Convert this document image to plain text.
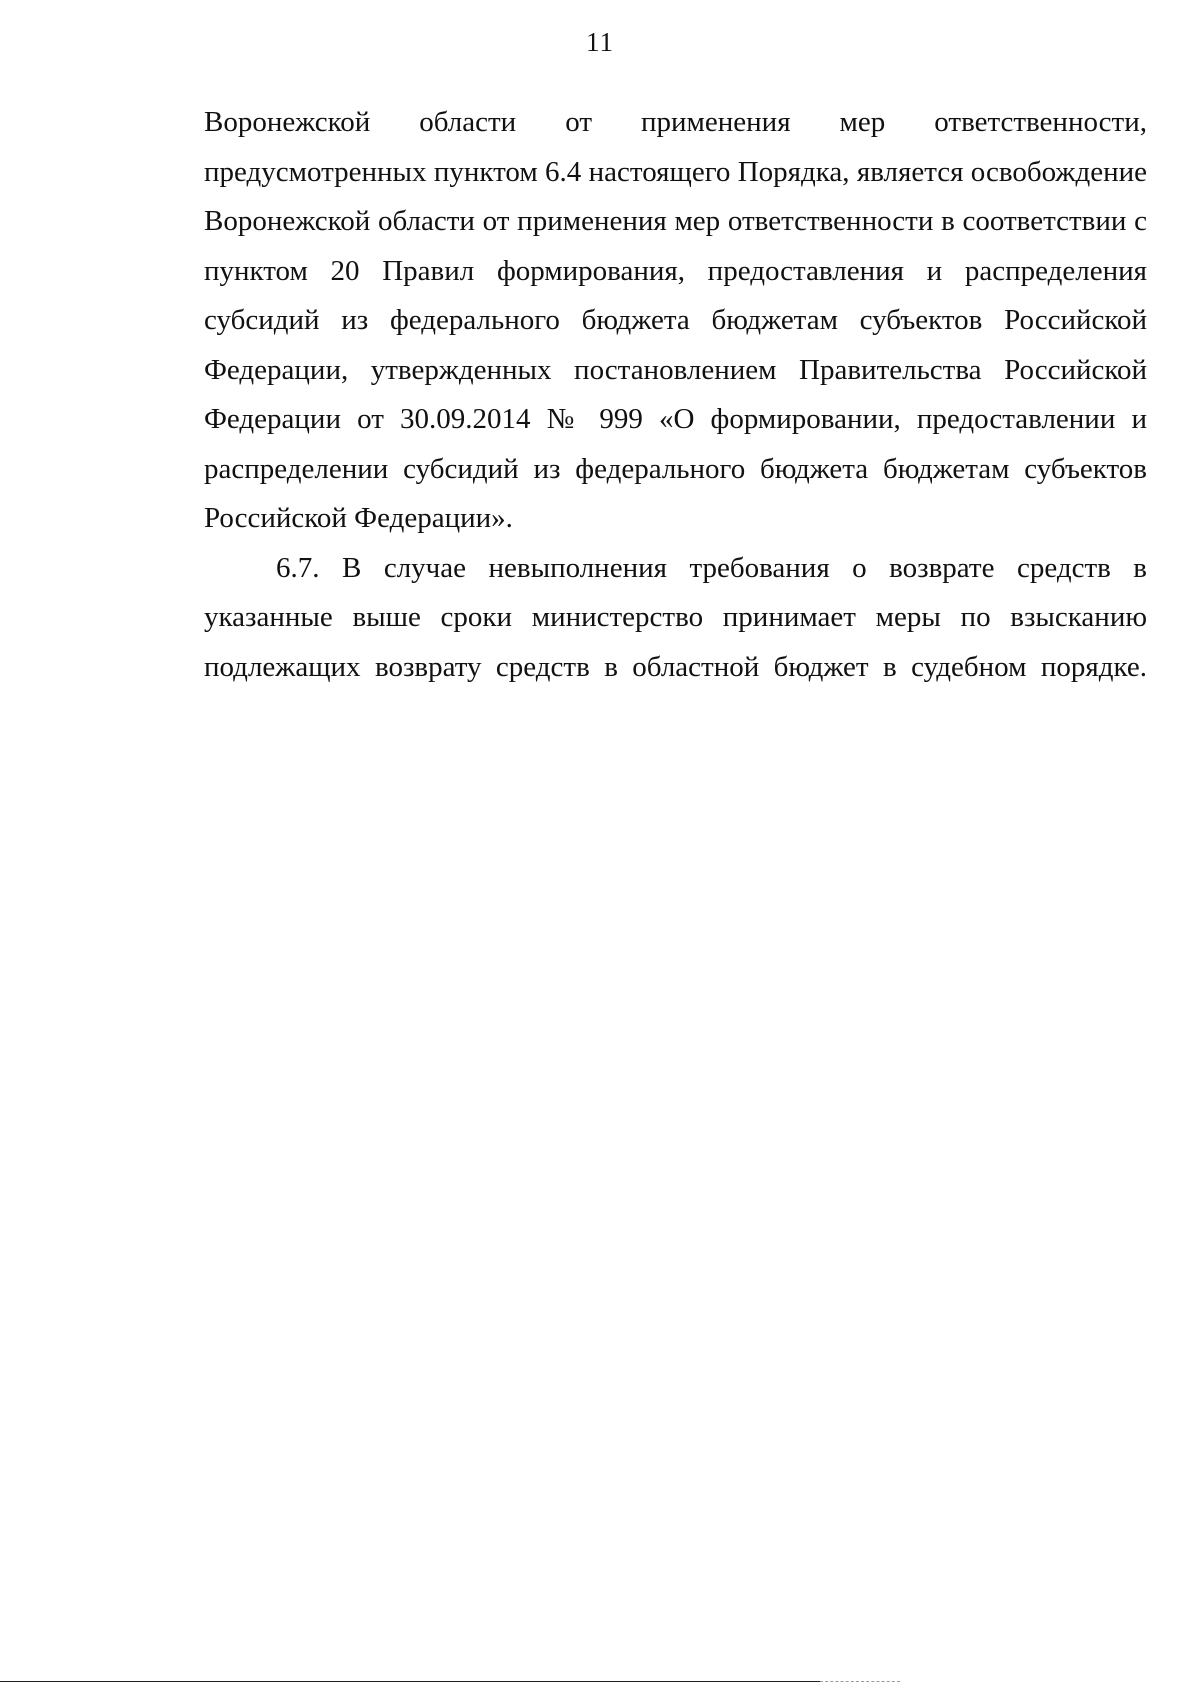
11

Воронежской области от применения мер ответственности, предусмотренных пунктом 6.4 настоящего Порядка, является освобождение Воронежской области от применения мер ответственности в соответствии с пунктом 20 Правил формирования, предоставления и распределения субсидий из федерального бюджета бюджетам субъектов Российской Федерации, утвержденных постановлением Правительства Российской Федерации от 30.09.2014 № 999 «О формировании, предоставлении и распределении субсидий из федерального бюджета бюджетам субъектов Российской Федерации».

6.7. В случае невыполнения требования о возврате средств в указанные выше сроки министерство принимает меры по взысканию подлежащих возврату средств в областной бюджет в судебном порядке.
